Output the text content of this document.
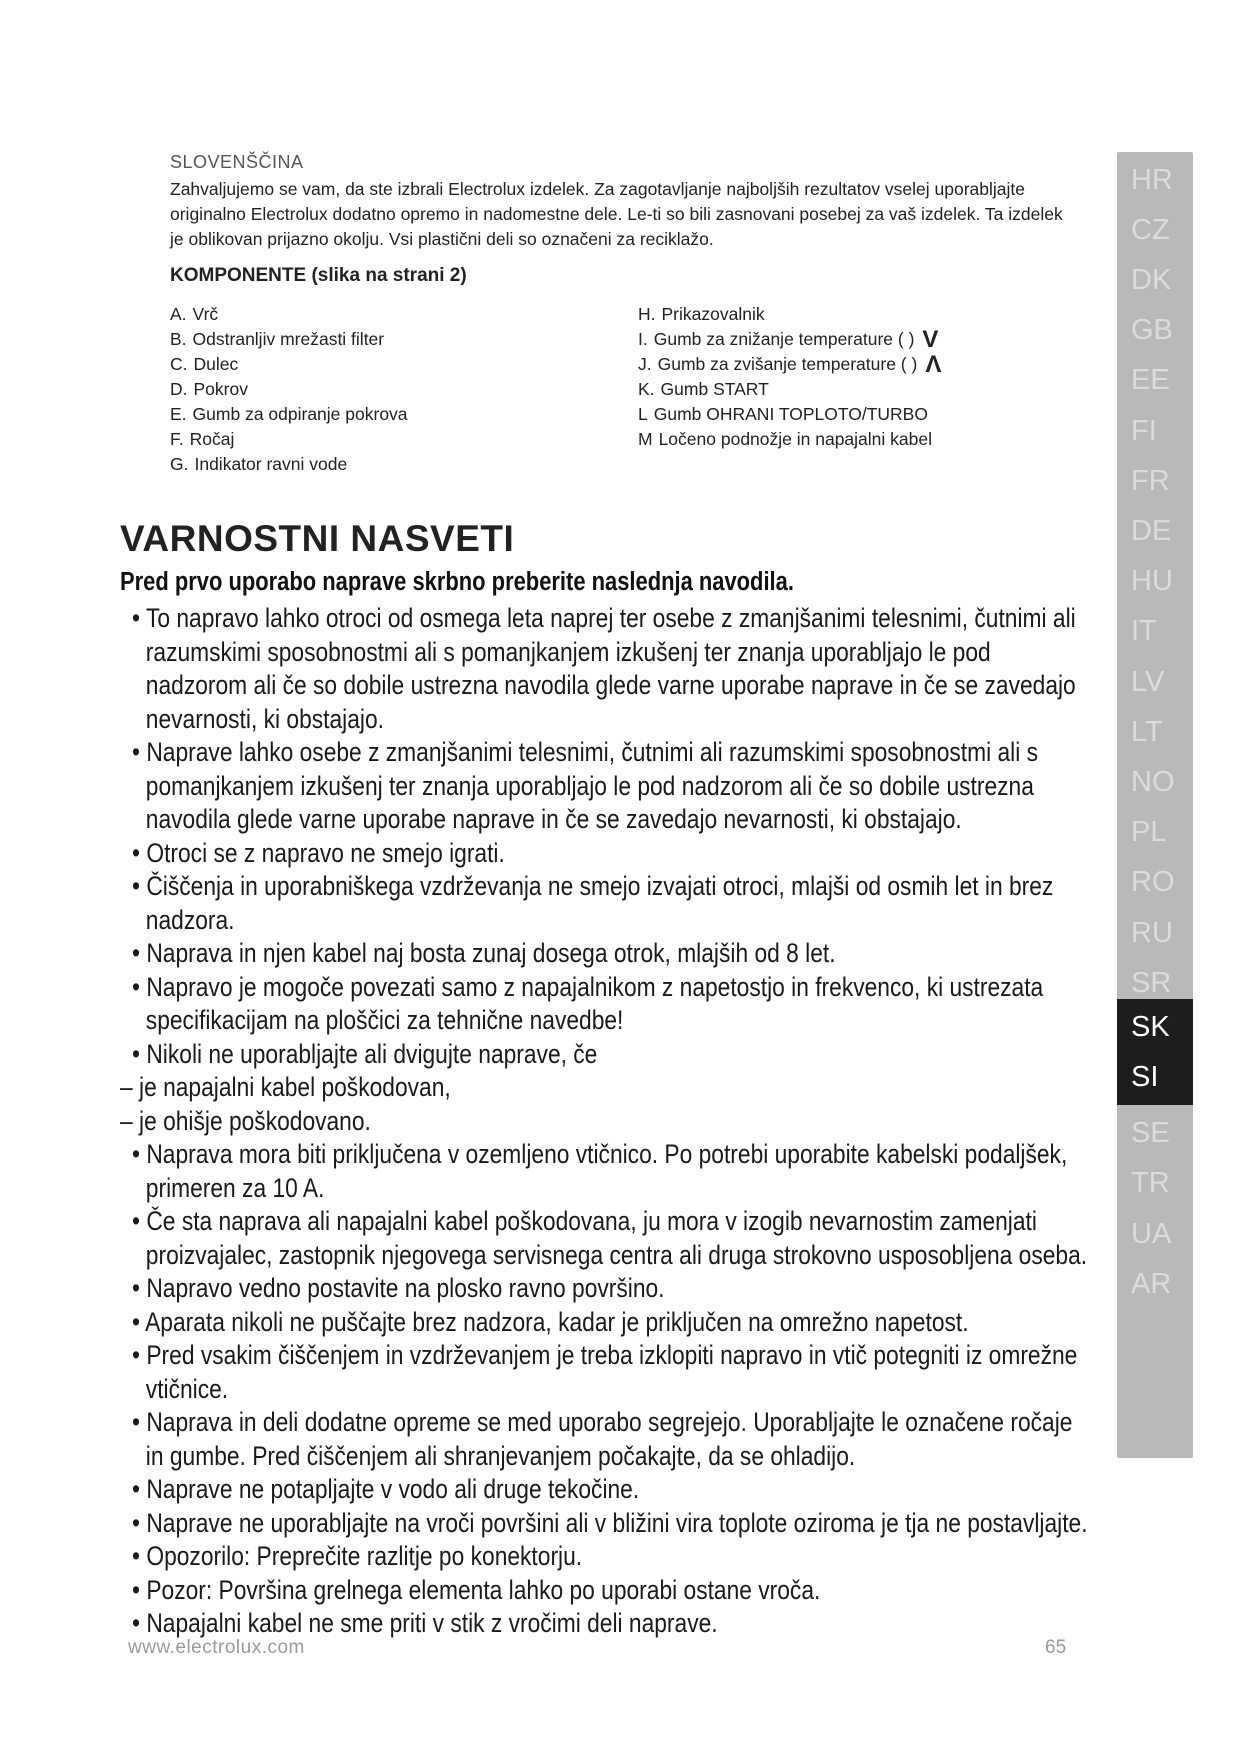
SLOVENŠČINA

Zahvaljujemo se vam, da ste izbrali Electrolux izdelek. Za zagotavljanje najboljših rezultatov vselej uporabljajte originalno Electrolux dodatno opremo in nadomestne dele. Le-ti so bili zasnovani posebej za vaš izdelek. Ta izdelek je oblikovan prijazno okolju. Vsi plastični deli so označeni za reciklažo.

KOMPONENTE (slika na strani 2)
A. Vrč
B. Odstranljiv mrežasti filter
C. Dulec
D. Pokrov
E. Gumb za odpiranje pokrova
F. Ročaj
G. Indikator ravni vode
H. Prikazovalnik
I. Gumb za znižanje temperature ( ) V
J. Gumb za zvišanje temperature ( ) Λ
K. Gumb START
L Gumb OHRANI TOPLOTO/TURBO
M Ločeno podnožje in napajalni kabel
VARNOSTNI NASVETI

Pred prvo uporabo naprave skrbno preberite naslednja navodila.

• To napravo lahko otroci od osmega leta naprej ter osebe z zmanjšanimi telesnimi, čutnimi ali razumskimi sposobnostmi ali s pomanjkanjem izkušenj ter znanja uporabljajo le pod nadzorom ali če so dobile ustrezna navodila glede varne uporabe naprave in če se zavedajo nevarnosti, ki obstajajo.
• Naprave lahko osebe z zmanjšanimi telesnimi, čutnimi ali razumskimi sposobnostmi ali s pomanjkanjem izkušenj ter znanja uporabljajo le pod nadzorom ali če so dobile ustrezna navodila glede varne uporabe naprave in če se zavedajo nevarnosti, ki obstajajo.
• Otroci se z napravo ne smejo igrati.
• Čiščenja in uporabniškega vzdrževanja ne smejo izvajati otroci, mlajši od osmih let in brez nadzora.
• Naprava in njen kabel naj bosta zunaj dosega otrok, mlajših od 8 let.
• Napravo je mogoče povezati samo z napajalnikom z napetostjo in frekvenco, ki ustrezata specifikacijam na ploščici za tehnične navedbe!
• Nikoli ne uporabljajte ali dvigujte naprave, če
– je napajalni kabel poškodovan,
– je ohišje poškodovano.
• Naprava mora biti priključena v ozemljeno vtičnico. Po potrebi uporabite kabelski podaljšek, primeren za 10 A.
• Če sta naprava ali napajalni kabel poškodovana, ju mora v izogib nevarnostim zamenjati proizvajalec, zastopnik njegovega servisnega centra ali druga strokovno usposobljena oseba.
• Napravo vedno postavite na plosko ravno površino.
• Aparata nikoli ne puščajte brez nadzora, kadar je priključen na omrežno napetost.
• Pred vsakim čiščenjem in vzdrževanjem je treba izklopiti napravo in vtič potegniti iz omrežne vtičnice.
• Naprava in deli dodatne opreme se med uporabo segrejejo. Uporabljajte le označene ročaje in gumbe. Pred čiščenjem ali shranjevanjem počakajte, da se ohladijo.
• Naprave ne potapljajte v vodo ali druge tekočine.
• Naprave ne uporabljajte na vroči površini ali v bližini vira toplote oziroma je tja ne postavljajte.
• Opozorilo: Preprečite razlitje po konektorju.
• Pozor: Površina grelnega elementa lahko po uporabi ostane vroča.
• Napajalni kabel ne sme priti v stik z vročimi deli naprave.
www.electrolux.com	65
HR
CZ
DK
GB
EE
FI
FR
DE
HU
IT
LV
LT
NO
PL
RO
RU
SR
SK
SI
SE
TR
UA
AR
